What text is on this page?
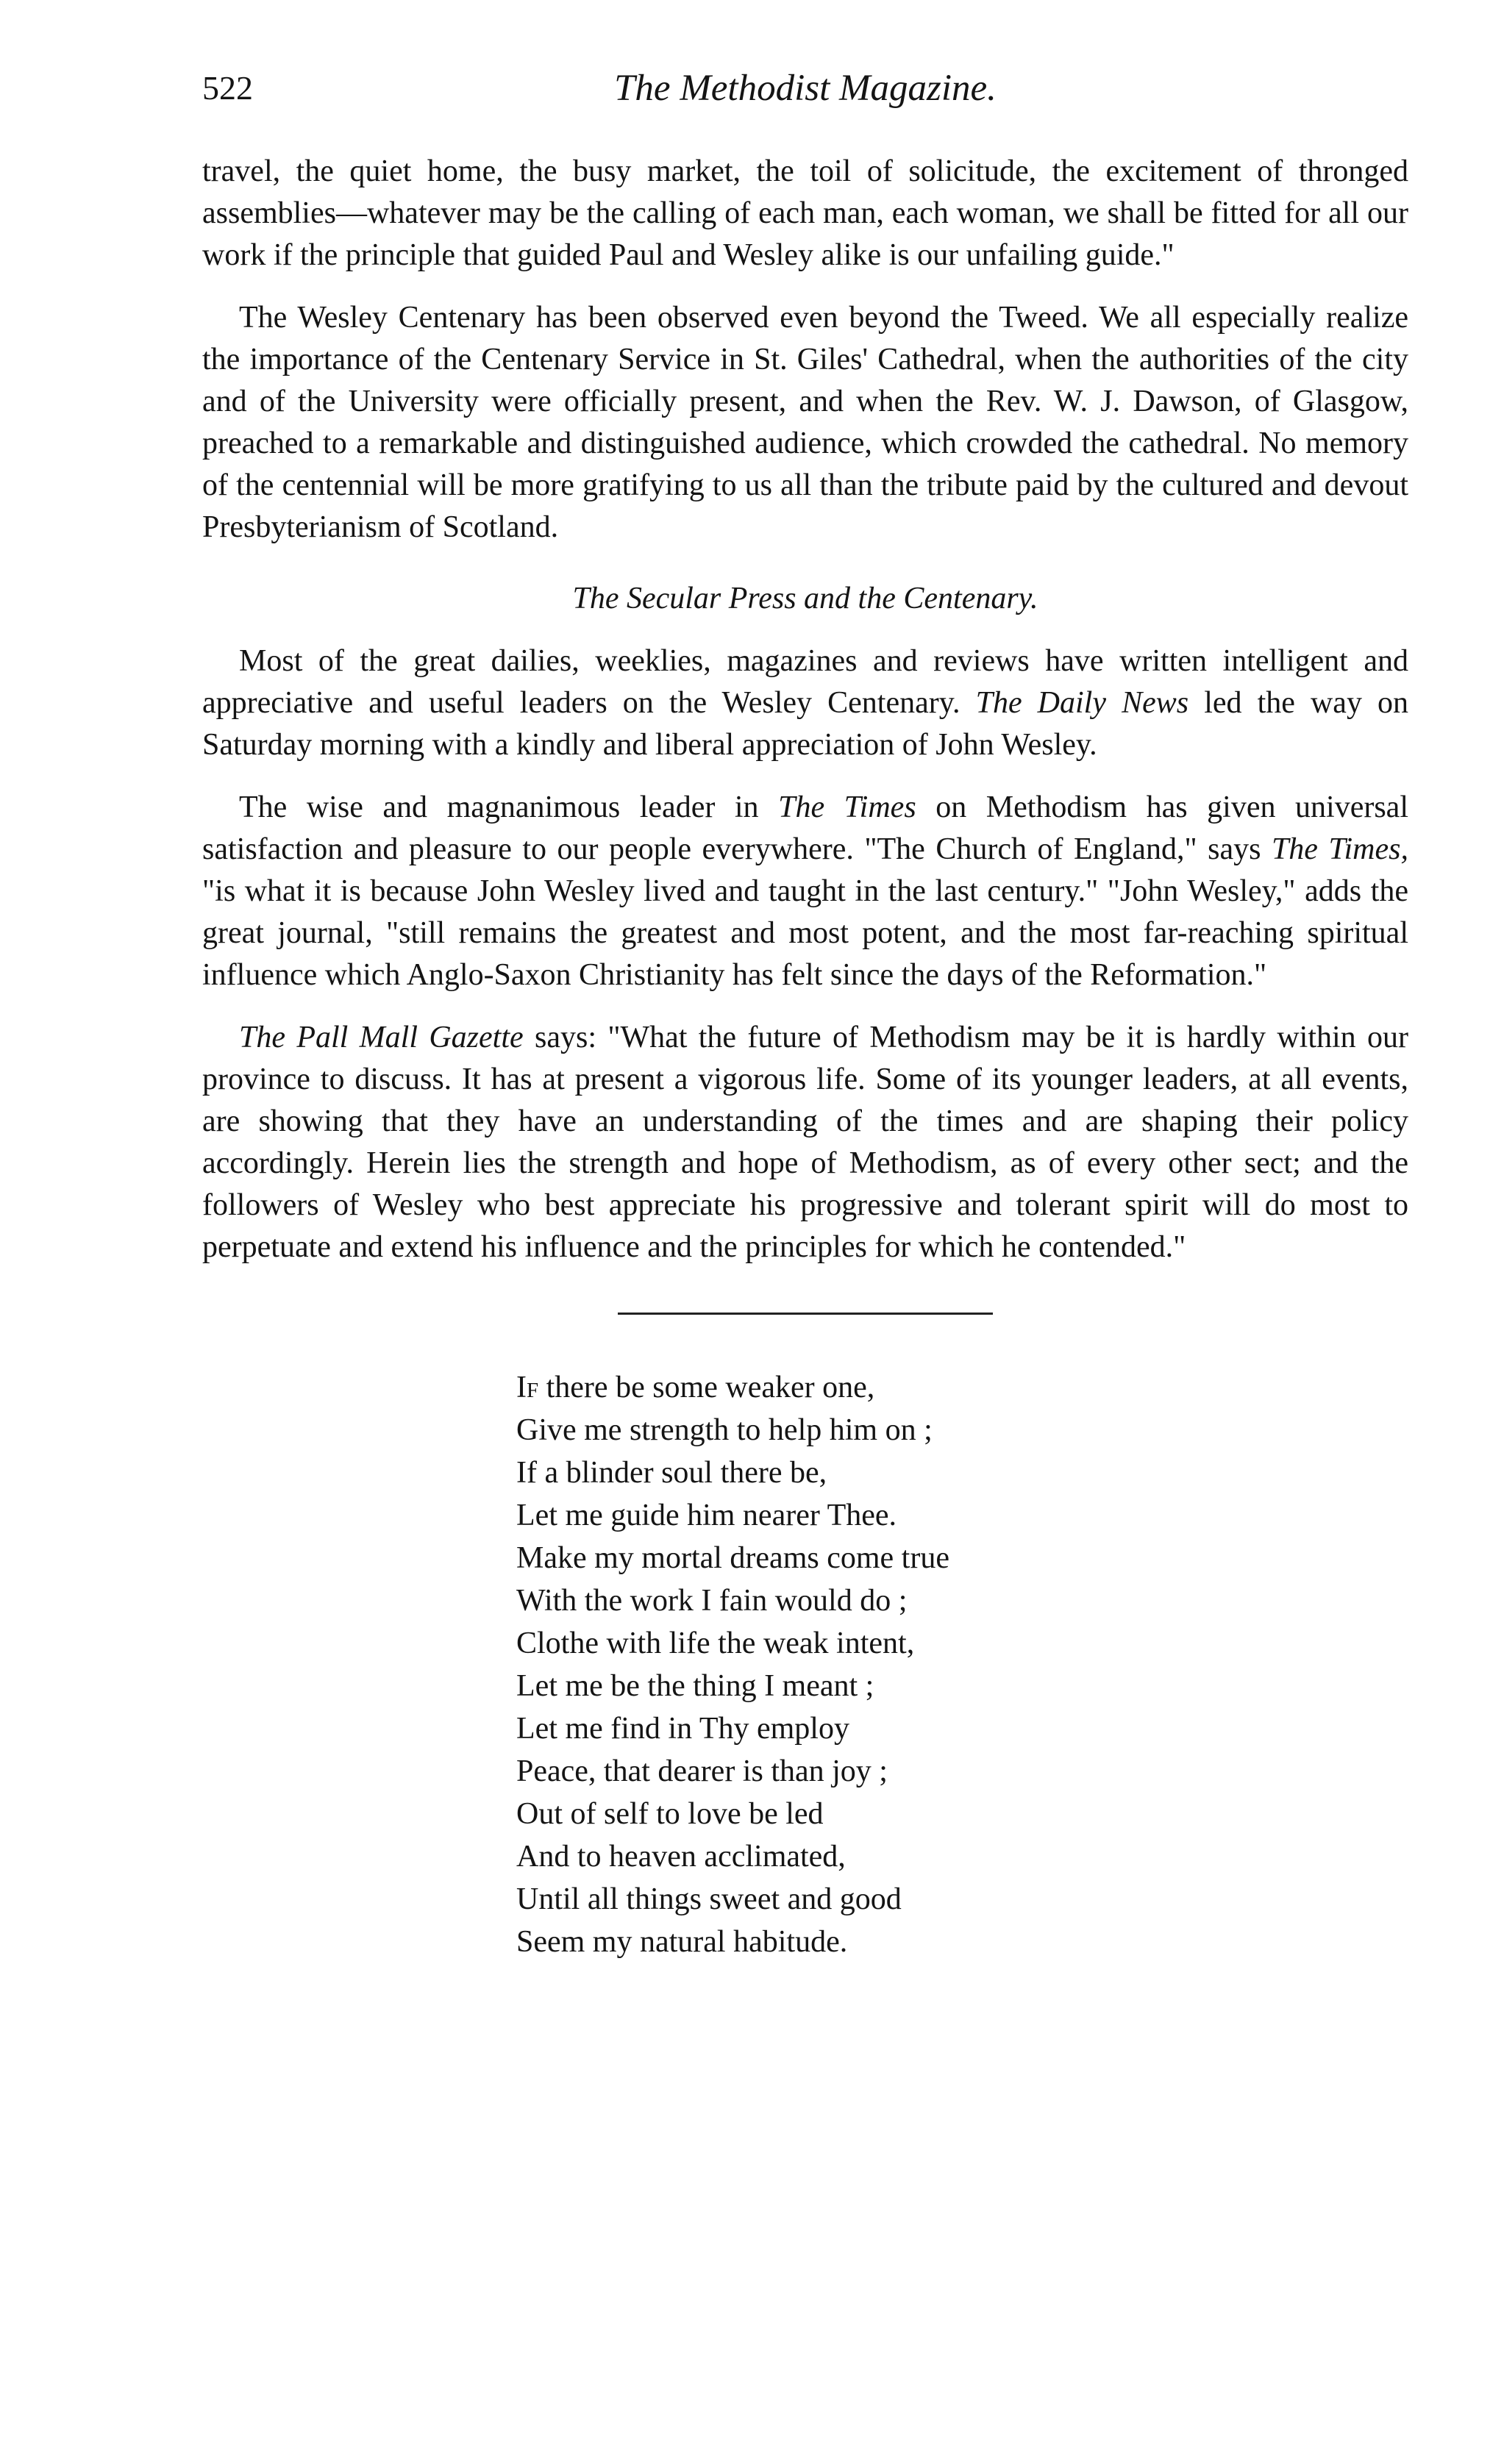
522	The Methodist Magazine.

travel, the quiet home, the busy market, the toil of solicitude, the excitement of thronged assemblies—whatever may be the calling of each man, each woman, we shall be fitted for all our work if the principle that guided Paul and Wesley alike is our unfailing guide."

The Wesley Centenary has been observed even beyond the Tweed. We all especially realize the importance of the Centenary Service in St. Giles' Cathedral, when the authorities of the city and of the University were officially present, and when the Rev. W. J. Dawson, of Glasgow, preached to a remarkable and distinguished audience, which crowded the cathedral. No memory of the centennial will be more gratifying to us all than the tribute paid by the cultured and devout Presbyterianism of Scotland.

The Secular Press and the Centenary.

Most of the great dailies, weeklies, magazines and reviews have written intelligent and appreciative and useful leaders on the Wesley Centenary. The Daily News led the way on Saturday morning with a kindly and liberal appreciation of John Wesley.

The wise and magnanimous leader in The Times on Methodism has given universal satisfaction and pleasure to our people everywhere. "The Church of England," says The Times, "is what it is because John Wesley lived and taught in the last century." "John Wesley," adds the great journal, "still remains the greatest and most potent, and the most far-reaching spiritual influence which Anglo-Saxon Christianity has felt since the days of the Reformation."

The Pall Mall Gazette says: "What the future of Methodism may be it is hardly within our province to discuss. It has at present a vigorous life. Some of its younger leaders, at all events, are showing that they have an understanding of the times and are shaping their policy accordingly. Herein lies the strength and hope of Methodism, as of every other sect; and the followers of Wesley who best appreciate his progressive and tolerant spirit will do most to perpetuate and extend his influence and the principles for which he contended."

If there be some weaker one,
Give me strength to help him on ;
If a blinder soul there be,
Let me guide him nearer Thee.
Make my mortal dreams come true
With the work I fain would do ;
Clothe with life the weak intent,
Let me be the thing I meant ;
Let me find in Thy employ
Peace, that dearer is than joy ;
Out of self to love be led
And to heaven acclimated,
Until all things sweet and good
Seem my natural habitude.
